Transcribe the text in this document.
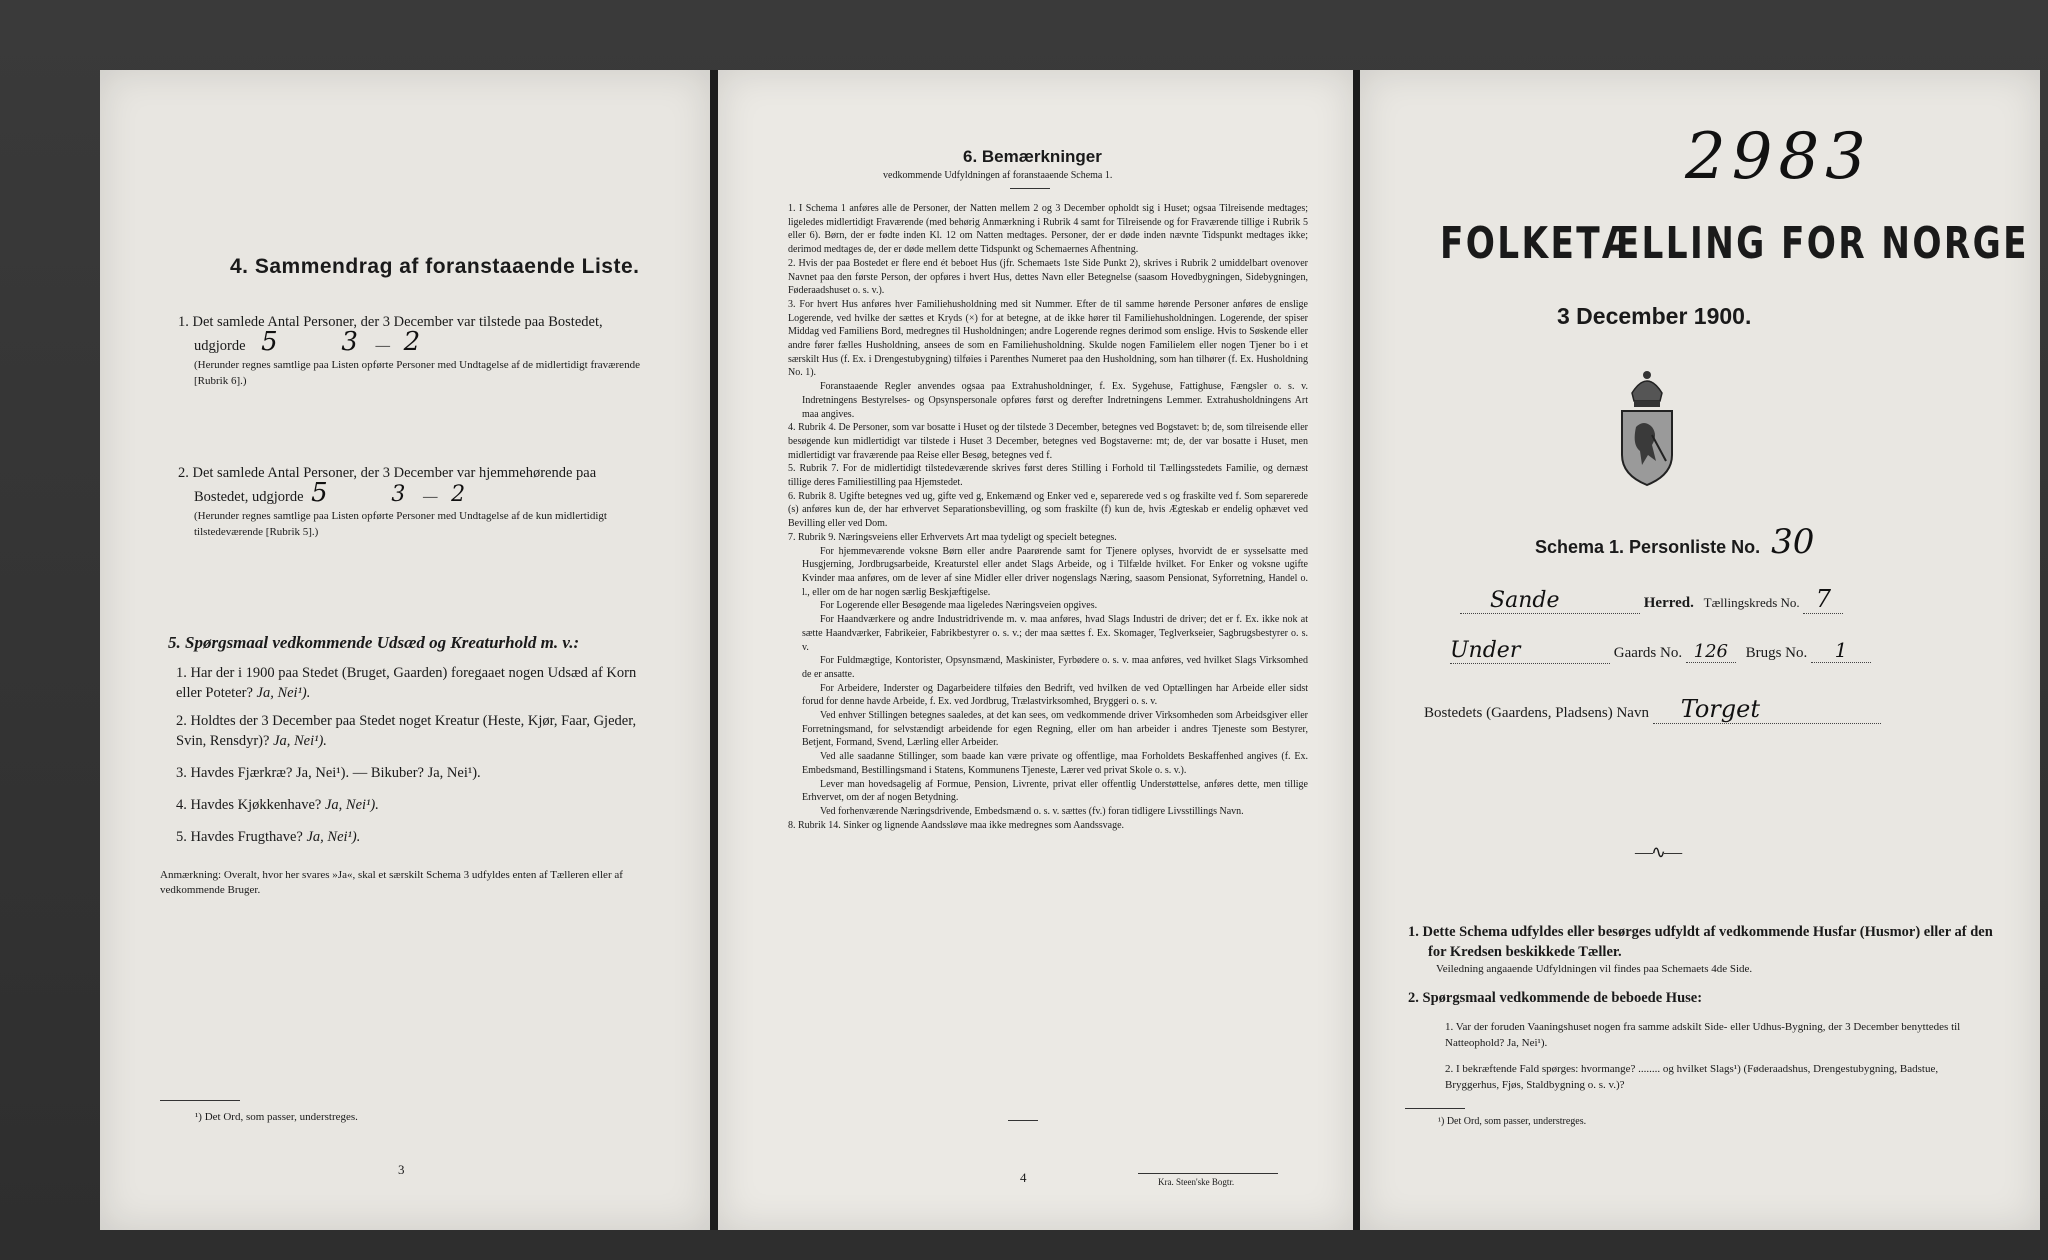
4. Sammendrag af foranstaaende Liste.
1. Det samlede Antal Personer, der 3 December var tilstede paa Bostedet,
udgjorde 5 3 — 2
(Herunder regnes samtlige paa Listen opførte Personer med Undtagelse af de midlertidigt fraværende [Rubrik 6].)
2. Det samlede Antal Personer, der 3 December var hjemmehørende paa
Bostedet, udgjorde 5	3 — 2
(Herunder regnes samtlige paa Listen opførte Personer med Undtagelse af de kun midlertidigt tilstedeværende [Rubrik 5].)
5. Spørgsmaal vedkommende Udsæd og Kreaturhold m. v.:
1. Har der i 1900 paa Stedet (Bruget, Gaarden) foregaaet nogen Udsæd af Korn eller Poteter? Ja, Nei¹).
2. Holdtes der 3 December paa Stedet noget Kreatur (Heste, Kjør, Faar, Gjeder, Svin, Rensdyr)? Ja, Nei¹).
3. Havdes Fjærkræ? Ja, Nei¹). — Bikuber? Ja, Nei¹).
4. Havdes Kjøkkenhave? Ja, Nei¹).
5. Havdes Frugthave? Ja, Nei¹).
Anmærkning: Overalt, hvor her svares »Ja«, skal et særskilt Schema 3 udfyldes enten af Tælleren eller af vedkommende Bruger.
¹) Det Ord, som passer, understreges.
3
6. Bemærkninger
vedkommende Udfyldningen af foranstaaende Schema 1.
1. I Schema 1 anføres alle de Personer, der Natten mellem 2 og 3 December opholdt sig i Huset; ogsaa Tilreisende medtages; ligeledes midlertidigt Fraværende (med behørig Anmærkning i Rubrik 4 samt for Tilreisende og for Fraværende tillige i Rubrik 5 eller 6). Børn, der er fødte inden Kl. 12 om Natten medtages. Personer, der er døde inden nævnte Tidspunkt medtages ikke; derimod medtages de, der er døde mellem dette Tidspunkt og Schemaernes Afhentning.
2. Hvis der paa Bostedet er flere end ét beboet Hus (jfr. Schemaets 1ste Side Punkt 2), skrives i Rubrik 2 umiddelbart ovenover Navnet paa den første Person, der opføres i hvert Hus, dettes Navn eller Betegnelse (saasom Hovedbygningen, Sidebygningen, Føderaadshuset o. s. v.).
3. For hvert Hus anføres hver Familiehusholdning med sit Nummer. Efter de til samme hørende Personer anføres de enslige Logerende, ved hvilke der sættes et Kryds (×) for at betegne, at de ikke hører til Familiehusholdningen. Logerende, der spiser Middag ved Familiens Bord, medregnes til Husholdningen; andre Logerende regnes derimod som enslige. Hvis to Søskende eller andre fører fælles Husholdning, ansees de som en Familiehusholdning. Skulde nogen Familielem eller nogen Tjener bo i et særskilt Hus (f. Ex. i Drengestubygning) tilføies i Parenthes Numeret paa den Husholdning, som han tilhører (f. Ex. Husholdning No. 1).
Foranstaaende Regler anvendes ogsaa paa Extrahusholdninger, f. Ex. Sygehuse, Fattighuse, Fængsler o. s. v. Indretningens Bestyrelses- og Opsynspersonale opføres først og derefter Indretningens Lemmer. Extrahusholdningens Art maa angives.
4. Rubrik 4. De Personer, som var bosatte i Huset og der tilstede 3 December, betegnes ved Bogstavet: b; de, som tilreisende eller besøgende kun midlertidigt var tilstede i Huset 3 December, betegnes ved Bogstaverne: mt; de, der var bosatte i Huset, men midlertidigt var fraværende paa Reise eller Besøg, betegnes ved f.
5. Rubrik 7. For de midlertidigt tilstedeværende skrives først deres Stilling i Forhold til Tællingsstedets Familie, og dernæst tillige deres Familiestilling paa Hjemstedet.
6. Rubrik 8. Ugifte betegnes ved ug, gifte ved g, Enkemænd og Enker ved e, separerede ved s og fraskilte ved f. Som separerede (s) anføres kun de, der har erhvervet Separationsbevilling, og som fraskilte (f) kun de, hvis Ægteskab er endelig ophævet ved Bevilling eller ved Dom.
7. Rubrik 9. Næringsveiens eller Erhvervets Art maa tydeligt og specielt betegnes.
For hjemmeværende voksne Børn eller andre Paarørende samt for Tjenere oplyses, hvorvidt de er sysselsatte med Husgjerning, Jordbrugsarbeide, Kreaturstel eller andet Slags Arbeide, og i Tilfælde hvilket. For Enker og voksne ugifte Kvinder maa anføres, om de lever af sine Midler eller driver nogenslags Næring, saasom Pensionat, Syforretning, Handel o. l., eller om de har nogen særlig Beskjæftigelse.
For Logerende eller Besøgende maa ligeledes Næringsveien opgives.
For Haandværkere og andre Industridrivende m. v. maa anføres, hvad Slags Industri de driver; det er f. Ex. ikke nok at sætte Haandværker, Fabrikeier, Fabrikbestyrer o. s. v.; der maa sættes f. Ex. Skomager, Teglverkseier, Sagbrugsbestyrer o. s. v.
For Fuldmægtige, Kontorister, Opsynsmænd, Maskinister, Fyrbødere o. s. v. maa anføres, ved hvilket Slags Virksomhed de er ansatte.
For Arbeidere, Inderster og Dagarbeidere tilføies den Bedrift, ved hvilken de ved Optællingen har Arbeide eller sidst forud for denne havde Arbeide, f. Ex. ved Jordbrug, Trælastvirksomhed, Bryggeri o. s. v.
Ved enhver Stillingen betegnes saaledes, at det kan sees, om vedkommende driver Virksomheden som Arbeidsgiver eller Forretningsmand, for selvstændigt arbeidende for egen Regning, eller om han arbeider i andres Tjeneste som Bestyrer, Betjent, Formand, Svend, Lærling eller Arbeider.
Ved alle saadanne Stillinger, som baade kan være private og offentlige, maa Forholdets Beskaffenhed angives (f. Ex. Embedsmand, Bestillingsmand i Statens, Kommunens Tjeneste, Lærer ved privat Skole o. s. v.).
Lever man hovedsagelig af Formue, Pension, Livrente, privat eller offentlig Understøttelse, anføres dette, men tillige Erhvervet, om der af nogen Betydning.
Ved forhenværende Næringsdrivende, Embedsmænd o. s. v. sættes (fv.) foran tidligere Livsstillings Navn.
8. Rubrik 14. Sinker og lignende Aandssløve maa ikke medregnes som Aandssvage.
4	Kra. Steen'ske Bogtr.
2983
FOLKETÆLLING FOR NORGE
3 December 1900.
Schema 1. Personliste No. 30
Sande	Herred. Tællingskreds No. 7
Under	Gaards No. 126 Brugs No. 1
Bostedets (Gaardens, Pladsens) Navn Torget
—∿—
1. Dette Schema udfyldes eller besørges udfyldt af vedkommende Husfar (Husmor) eller af den for Kredsen beskikkede Tæller.
Veiledning angaaende Udfyldningen vil findes paa Schemaets 4de Side.
2. Spørgsmaal vedkommende de beboede Huse:
1. Var der foruden Vaaningshuset nogen fra samme adskilt Side- eller Udhus-Bygning, der 3 December benyttedes til Natteophold? Ja, Nei¹).
2. I bekræftende Fald spørges: hvormange? ........ og hvilket Slags¹) (Føderaadshus, Drengestubygning, Badstue, Bryggerhus, Fjøs, Staldbygning o. s. v.)?
¹) Det Ord, som passer, understreges.
